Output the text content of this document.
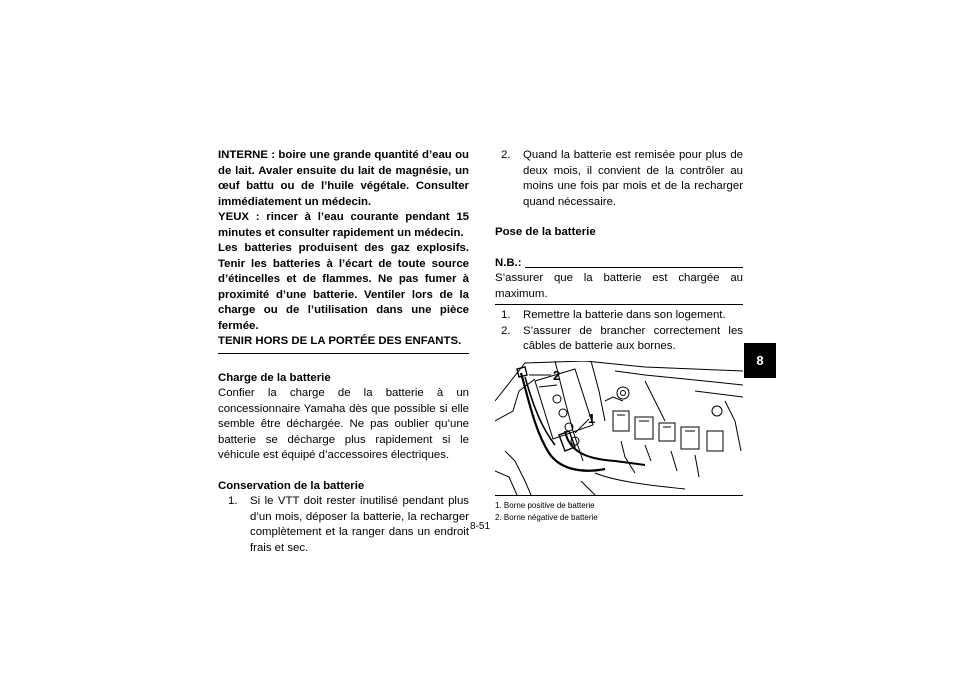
INTERNE : boire une grande quantité d’eau ou de lait. Avaler ensuite du lait de magnésie, un œuf battu ou de l’huile végétale. Consulter immédiatement un médecin.

YEUX : rincer à l’eau courante pendant 15 minutes et consulter rapidement un médecin.

Les batteries produisent des gaz explosifs. Tenir les batteries à l’écart de toute source d’étincelles et de flammes. Ne pas fumer à proximité d’une batterie. Ventiler lors de la charge ou de l’utilisation dans une pièce fermée.

TENIR HORS DE LA PORTÉE DES ENFANTS.

Charge de la batterie

Confier la charge de la batterie à un concessionnaire Yamaha dès que possible si elle semble être déchargée. Ne pas oublier qu’une batterie se décharge plus rapidement si le véhicule est équipé d’accessoires électriques.

Conservation de la batterie

1.	Si le VTT doit rester inutilisé pendant plus d’un mois, déposer la batterie, la recharger complètement et la ranger dans un endroit frais et sec.
2.	Quand la batterie est remisée pour plus de deux mois, il convient de la contrôler au moins une fois par mois et de la recharger quand nécessaire.

Pose de la batterie

N.B.:

S’assurer que la batterie est chargée au maximum.

1.	Remettre la batterie dans son logement.
2.	S’assurer de brancher correctement les câbles de batterie aux bornes.
2
1
1. Borne positive de batterie
2. Borne négative de batterie
8-51
8
